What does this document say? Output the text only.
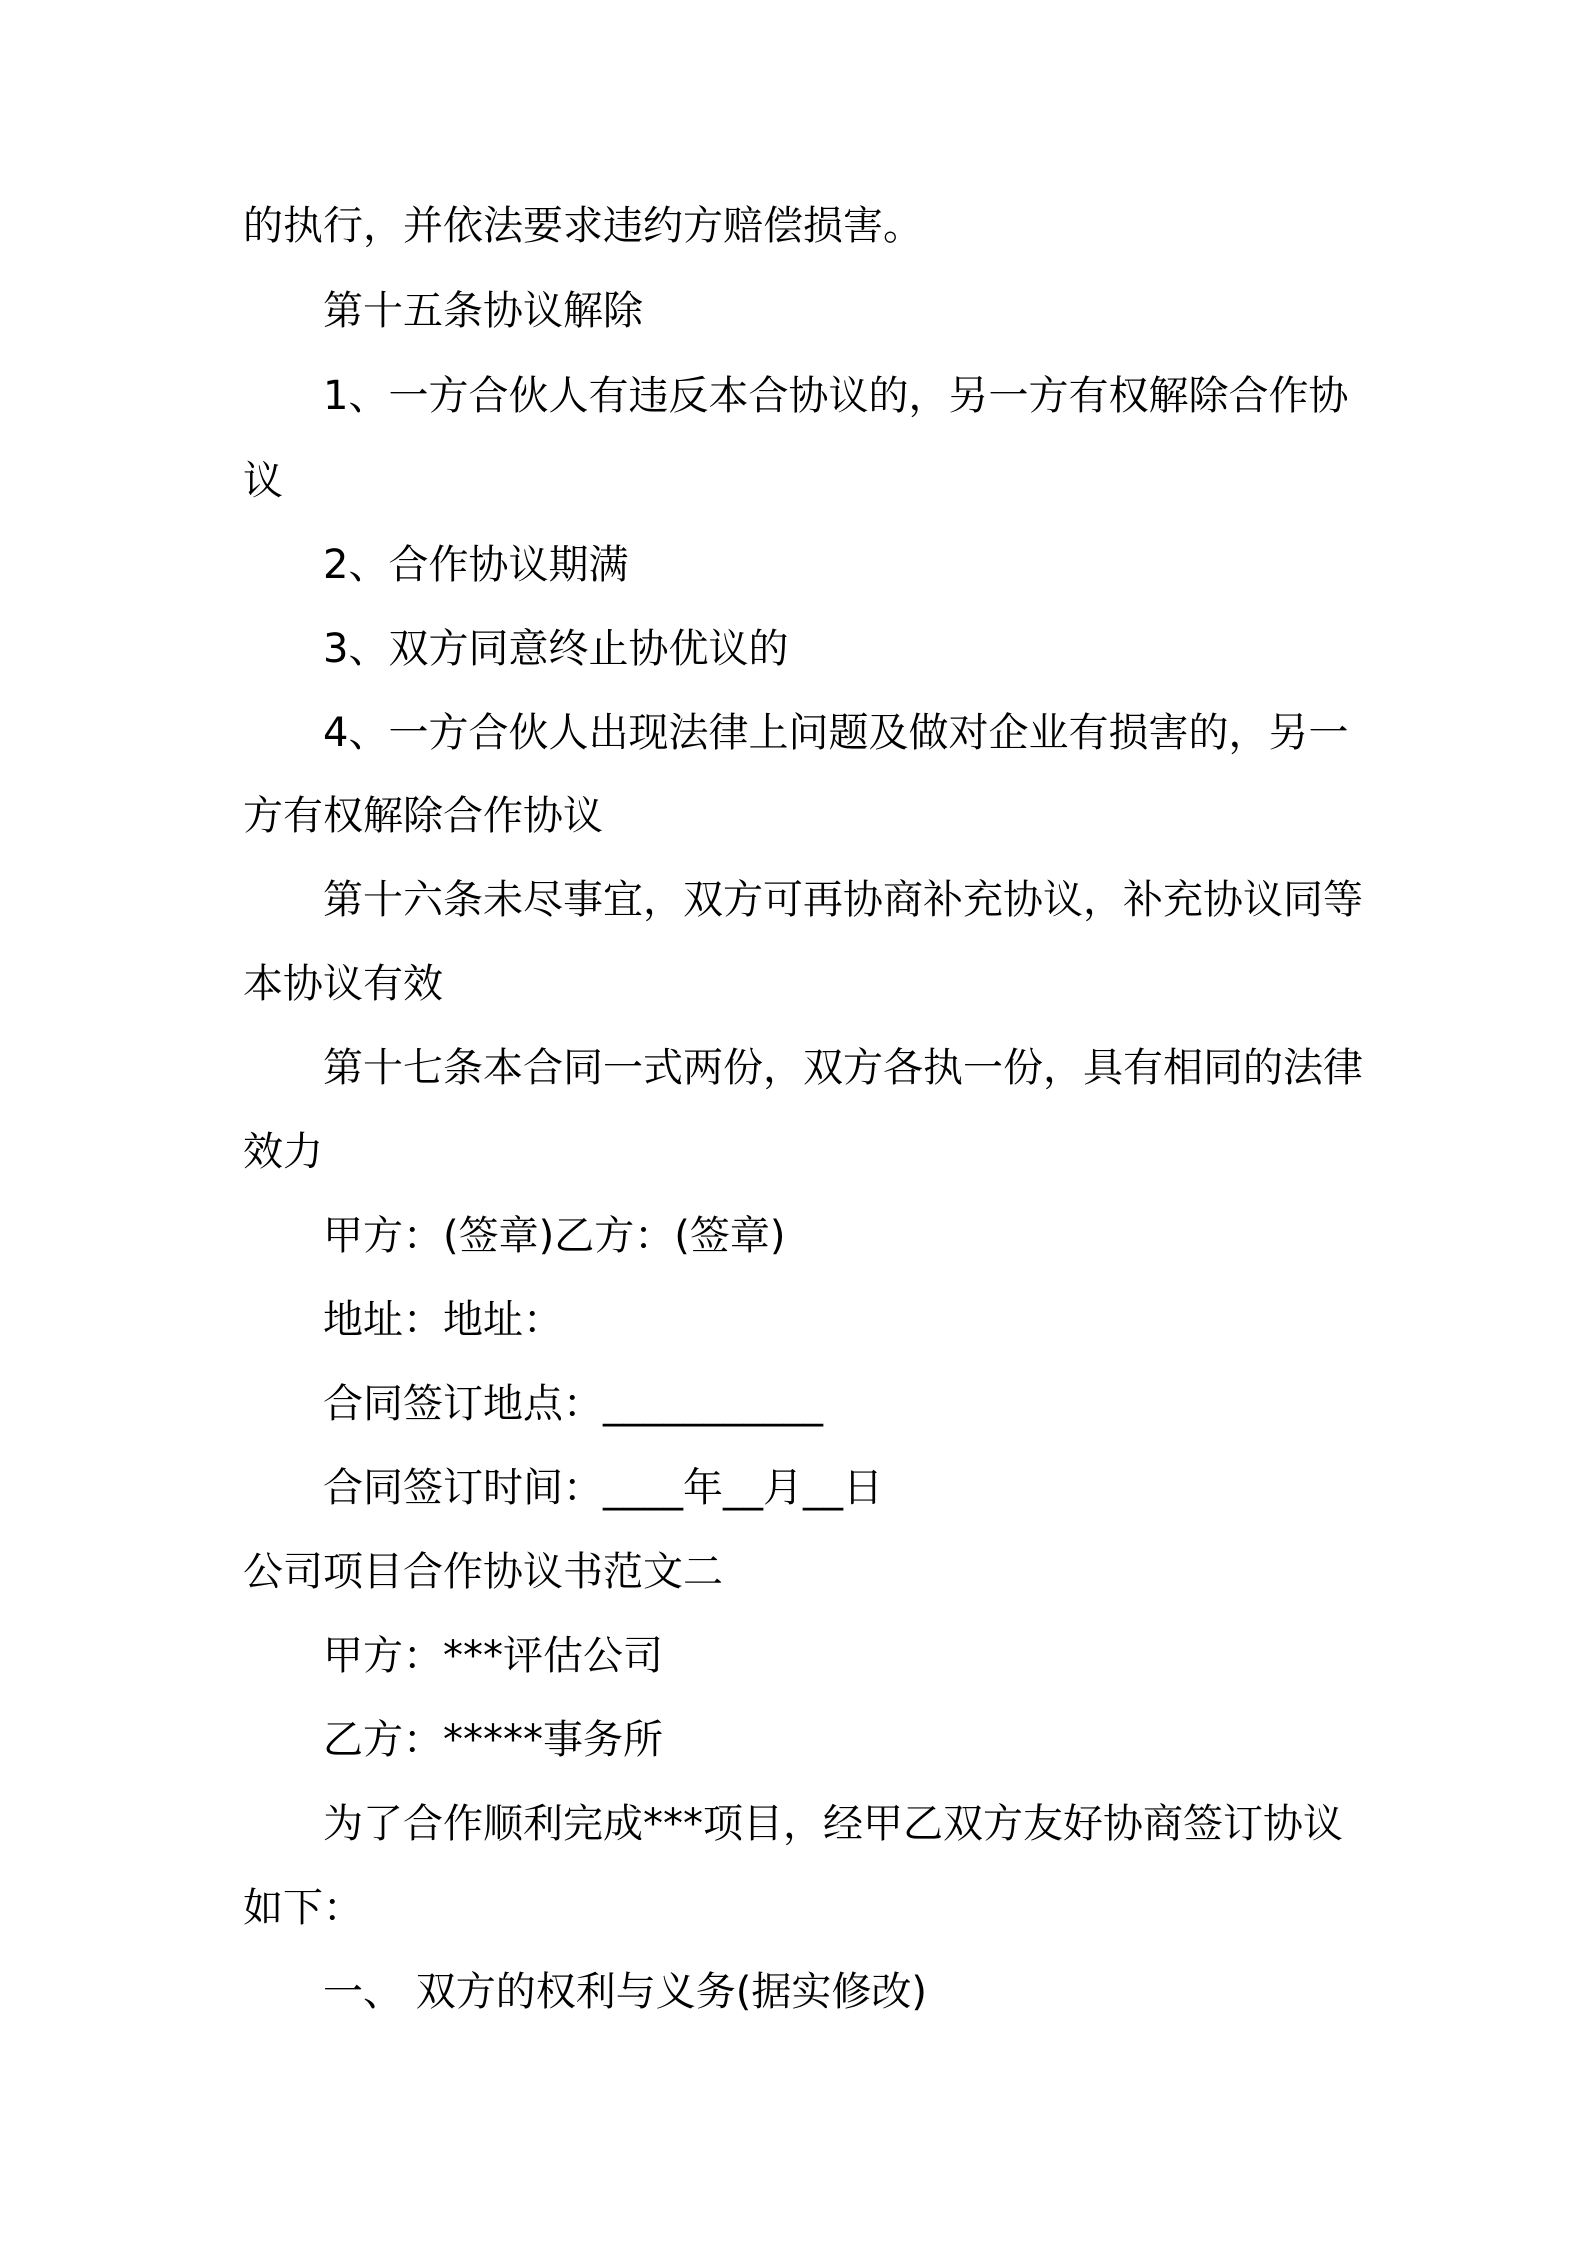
的执行，并依法要求违约方赔偿损害。
第十五条协议解除
1、一方合伙人有违反本合协议的，另一方有权解除合作协
议
2、合作协议期满
3、双方同意终止协优议的
4、一方合伙人出现法律上问题及做对企业有损害的，另一
方有权解除合作协议
第十六条未尽事宜，双方可再协商补充协议，补充协议同等
本协议有效
第十七条本合同一式两份，双方各执一份，具有相同的法律
效力
甲方：(签章)乙方：(签章)
地址：地址：
合同签订地点：___________
合同签订时间：____年__月__日
公司项目合作协议书范文二
甲方：***评估公司
乙方：*****事务所
为了合作顺利完成***项目，经甲乙双方友好协商签订协议
如下：
一、 双方的权利与义务(据实修改)
